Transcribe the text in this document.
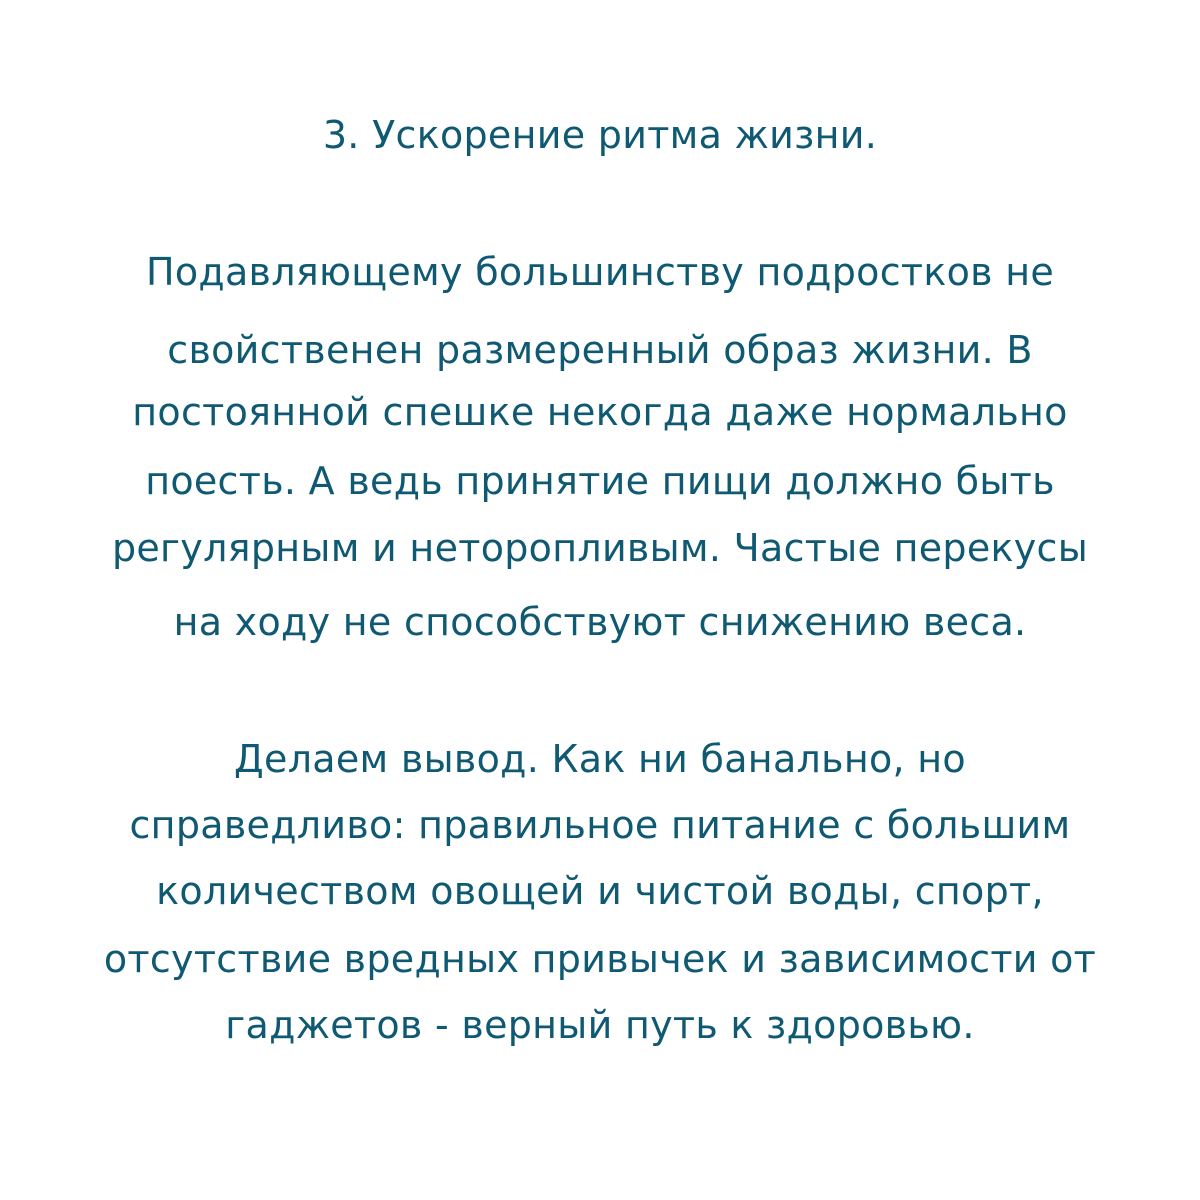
3. Ускорение ритма жизни.
Подавляющему большинству подростков не
свойственен размеренный образ жизни. В
постоянной спешке некогда даже нормально
поесть. А ведь принятие пищи должно быть
регулярным и неторопливым. Частые перекусы
на ходу не способствуют снижению веса.
Делаем вывод. Как ни банально, но
справедливо: правильное питание с большим
количеством овощей и чистой воды, спорт,
отсутствие вредных привычек и зависимости от
гаджетов - верный путь к здоровью.
